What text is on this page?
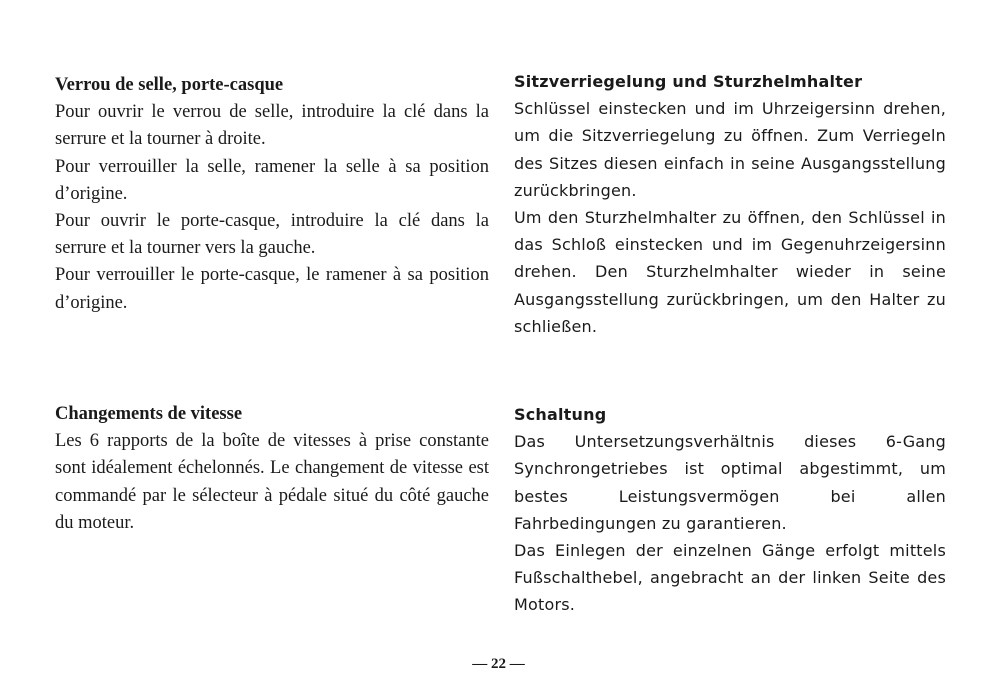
Verrou de selle, porte-casque

Pour ouvrir le verrou de selle, introduire la clé dans la serrure et la tourner à droite.

Pour verrouiller la selle, ramener la selle à sa position d’origine.

Pour ouvrir le porte-casque, introduire la clé dans la serrure et la tourner vers la gauche.

Pour verrouiller le porte-casque, le ramener à sa position d’origine.

Sitzverriegelung und Sturzhelmhalter

Schlüssel einstecken und im Uhrzeigersinn drehen, um die Sitzverriegelung zu öffnen. Zum Verriegeln des Sitzes diesen einfach in seine Ausgangsstellung zurückbringen.

Um den Sturzhelmhalter zu öffnen, den Schlüssel in das Schloß einstecken und im Gegenuhrzeigersinn drehen. Den Sturzhelmhalter wieder in seine Ausgangsstellung zurückbringen, um den Halter zu schließen.

Changements de vitesse

Les 6 rapports de la boîte de vitesses à prise constante sont idéalement échelonnés. Le changement de vitesse est commandé par le sélecteur à pédale situé du côté gauche du moteur.

Schaltung

Das Untersetzungsverhältnis dieses 6-Gang Synchrongetriebes ist optimal abgestimmt, um bestes Leistungsvermögen bei allen Fahrbedingungen zu garantieren.

Das Einlegen der einzelnen Gänge erfolgt mittels Fußschalthebel, angebracht an der linken Seite des Motors.

— 22 —
